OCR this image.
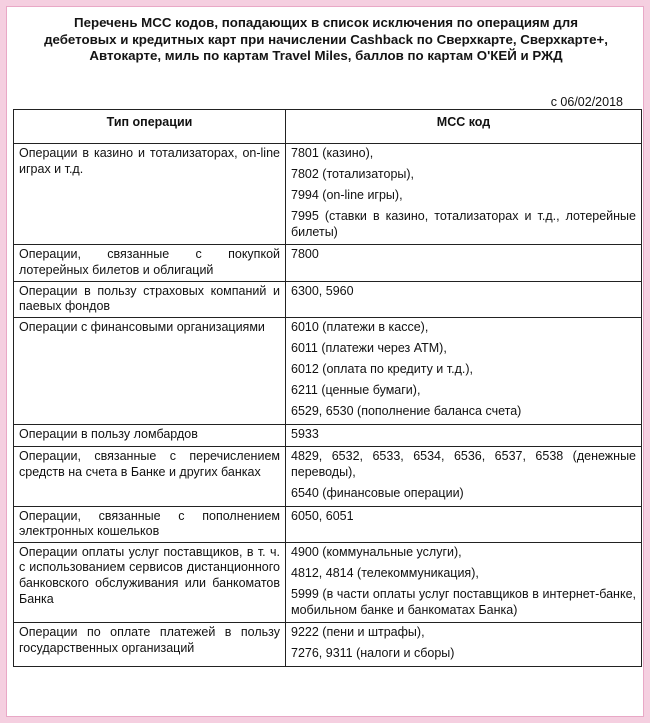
Перечень МСС кодов, попадающих в список исключения по операциям для
дебетовых и кредитных карт при начислении Cashback по Сверхкарте, Сверхкарте+,
Автокарте, миль по картам Travel Miles, баллов по картам О'КЕЙ и РЖД
с 06/02/2018
Тип операции	МСС код
Операции в казино и тотализаторах, on-line играх и т.д.	7801 (казино),
7802 (тотализаторы),
7994 (on-line игры),
7995 (ставки в казино, тотализаторах и т.д., лотерейные билеты)

Операции, связанные с покупкой лотерейных билетов и облигаций	7800

Операции в пользу страховых компаний и паевых фондов	6300, 5960

Операции с финансовыми организациями	6010 (платежи в кассе),
6011 (платежи через АТМ),
6012 (оплата по кредиту и т.д.),
6211 (ценные бумаги),
6529, 6530 (пополнение баланса счета)

Операции в пользу ломбардов	5933

Операции, связанные с перечислением средств на счета в Банке и других банках	4829, 6532, 6533, 6534, 6536, 6537, 6538 (денежные переводы),
6540 (финансовые операции)

Операции, связанные с пополнением электронных кошельков	6050, 6051

Операции оплаты услуг поставщиков, в т. ч. с использованием сервисов дистанционного банковского обслуживания или банкоматов Банка	4900 (коммунальные услуги),
4812, 4814 (телекоммуникация),
5999 (в части оплаты услуг поставщиков в интернет-банке, мобильном банке и банкоматах Банка)

Операции по оплате платежей в пользу государственных организаций	9222 (пени и штрафы),
7276, 9311 (налоги и сборы)
